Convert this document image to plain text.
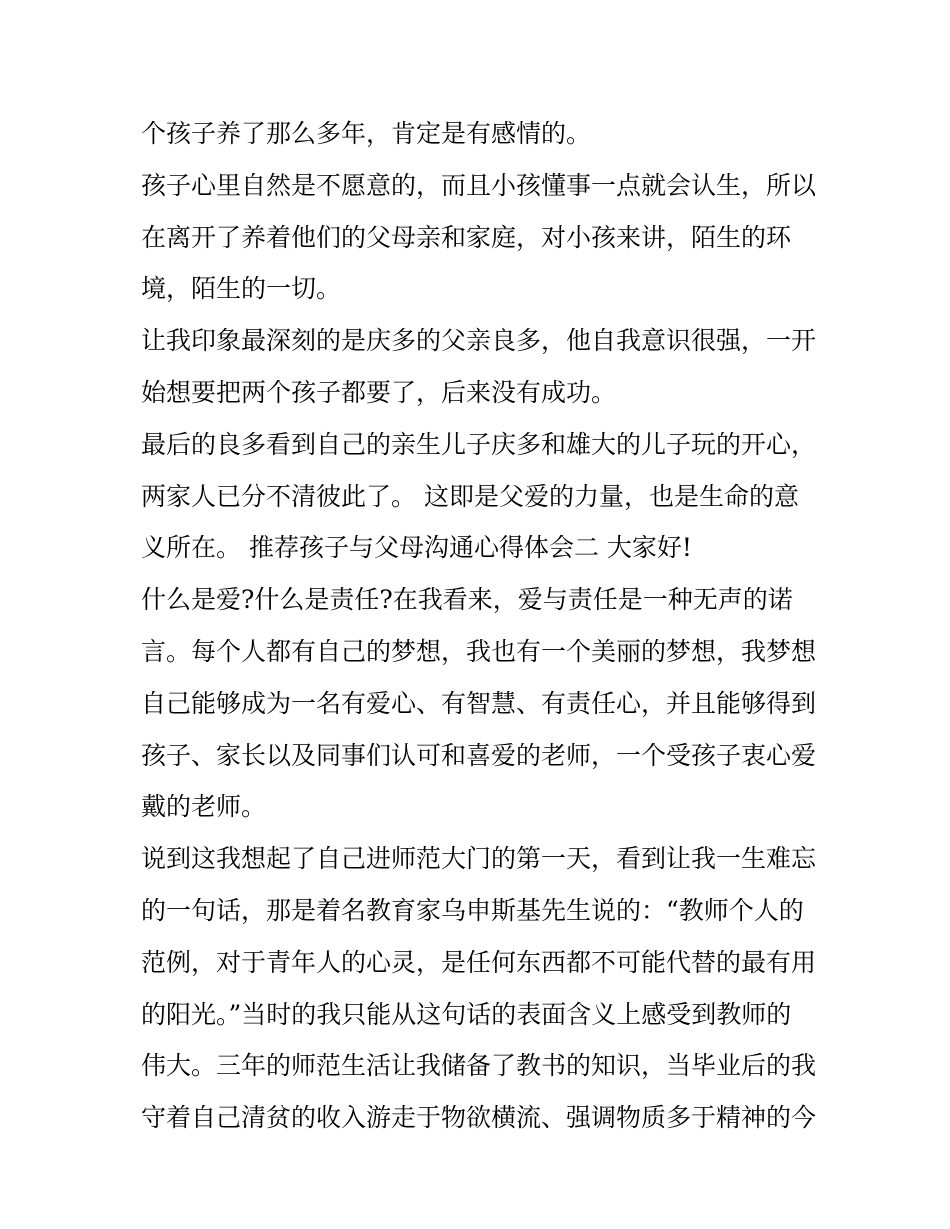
个孩子养了那么多年，肯定是有感情的。
孩子心里自然是不愿意的，而且小孩懂事一点就会认生，所以
在离开了养着他们的父母亲和家庭，对小孩来讲，陌生的环
境，陌生的一切。
让我印象最深刻的是庆多的父亲良多，他自我意识很强，一开
始想要把两个孩子都要了，后来没有成功。
最后的良多看到自己的亲生儿子庆多和雄大的儿子玩的开心，
两家人已分不清彼此了。 这即是父爱的力量，也是生命的意
义所在。 推荐孩子与父母沟通心得体会二 大家好!
什么是爱?什么是责任?在我看来，爱与责任是一种无声的诺
言。每个人都有自己的梦想，我也有一个美丽的梦想，我梦想
自己能够成为一名有爱心、有智慧、有责任心，并且能够得到
孩子、家长以及同事们认可和喜爱的老师，一个受孩子衷心爱
戴的老师。
说到这我想起了自己进师范大门的第一天，看到让我一生难忘
的一句话，那是着名教育家乌申斯基先生说的：“教师个人的
范例，对于青年人的心灵，是任何东西都不可能代替的最有用
的阳光。”当时的我只能从这句话的表面含义上感受到教师的
伟大。三年的师范生活让我储备了教书的知识，当毕业后的我
守着自己清贫的收入游走于物欲横流、强调物质多于精神的今
